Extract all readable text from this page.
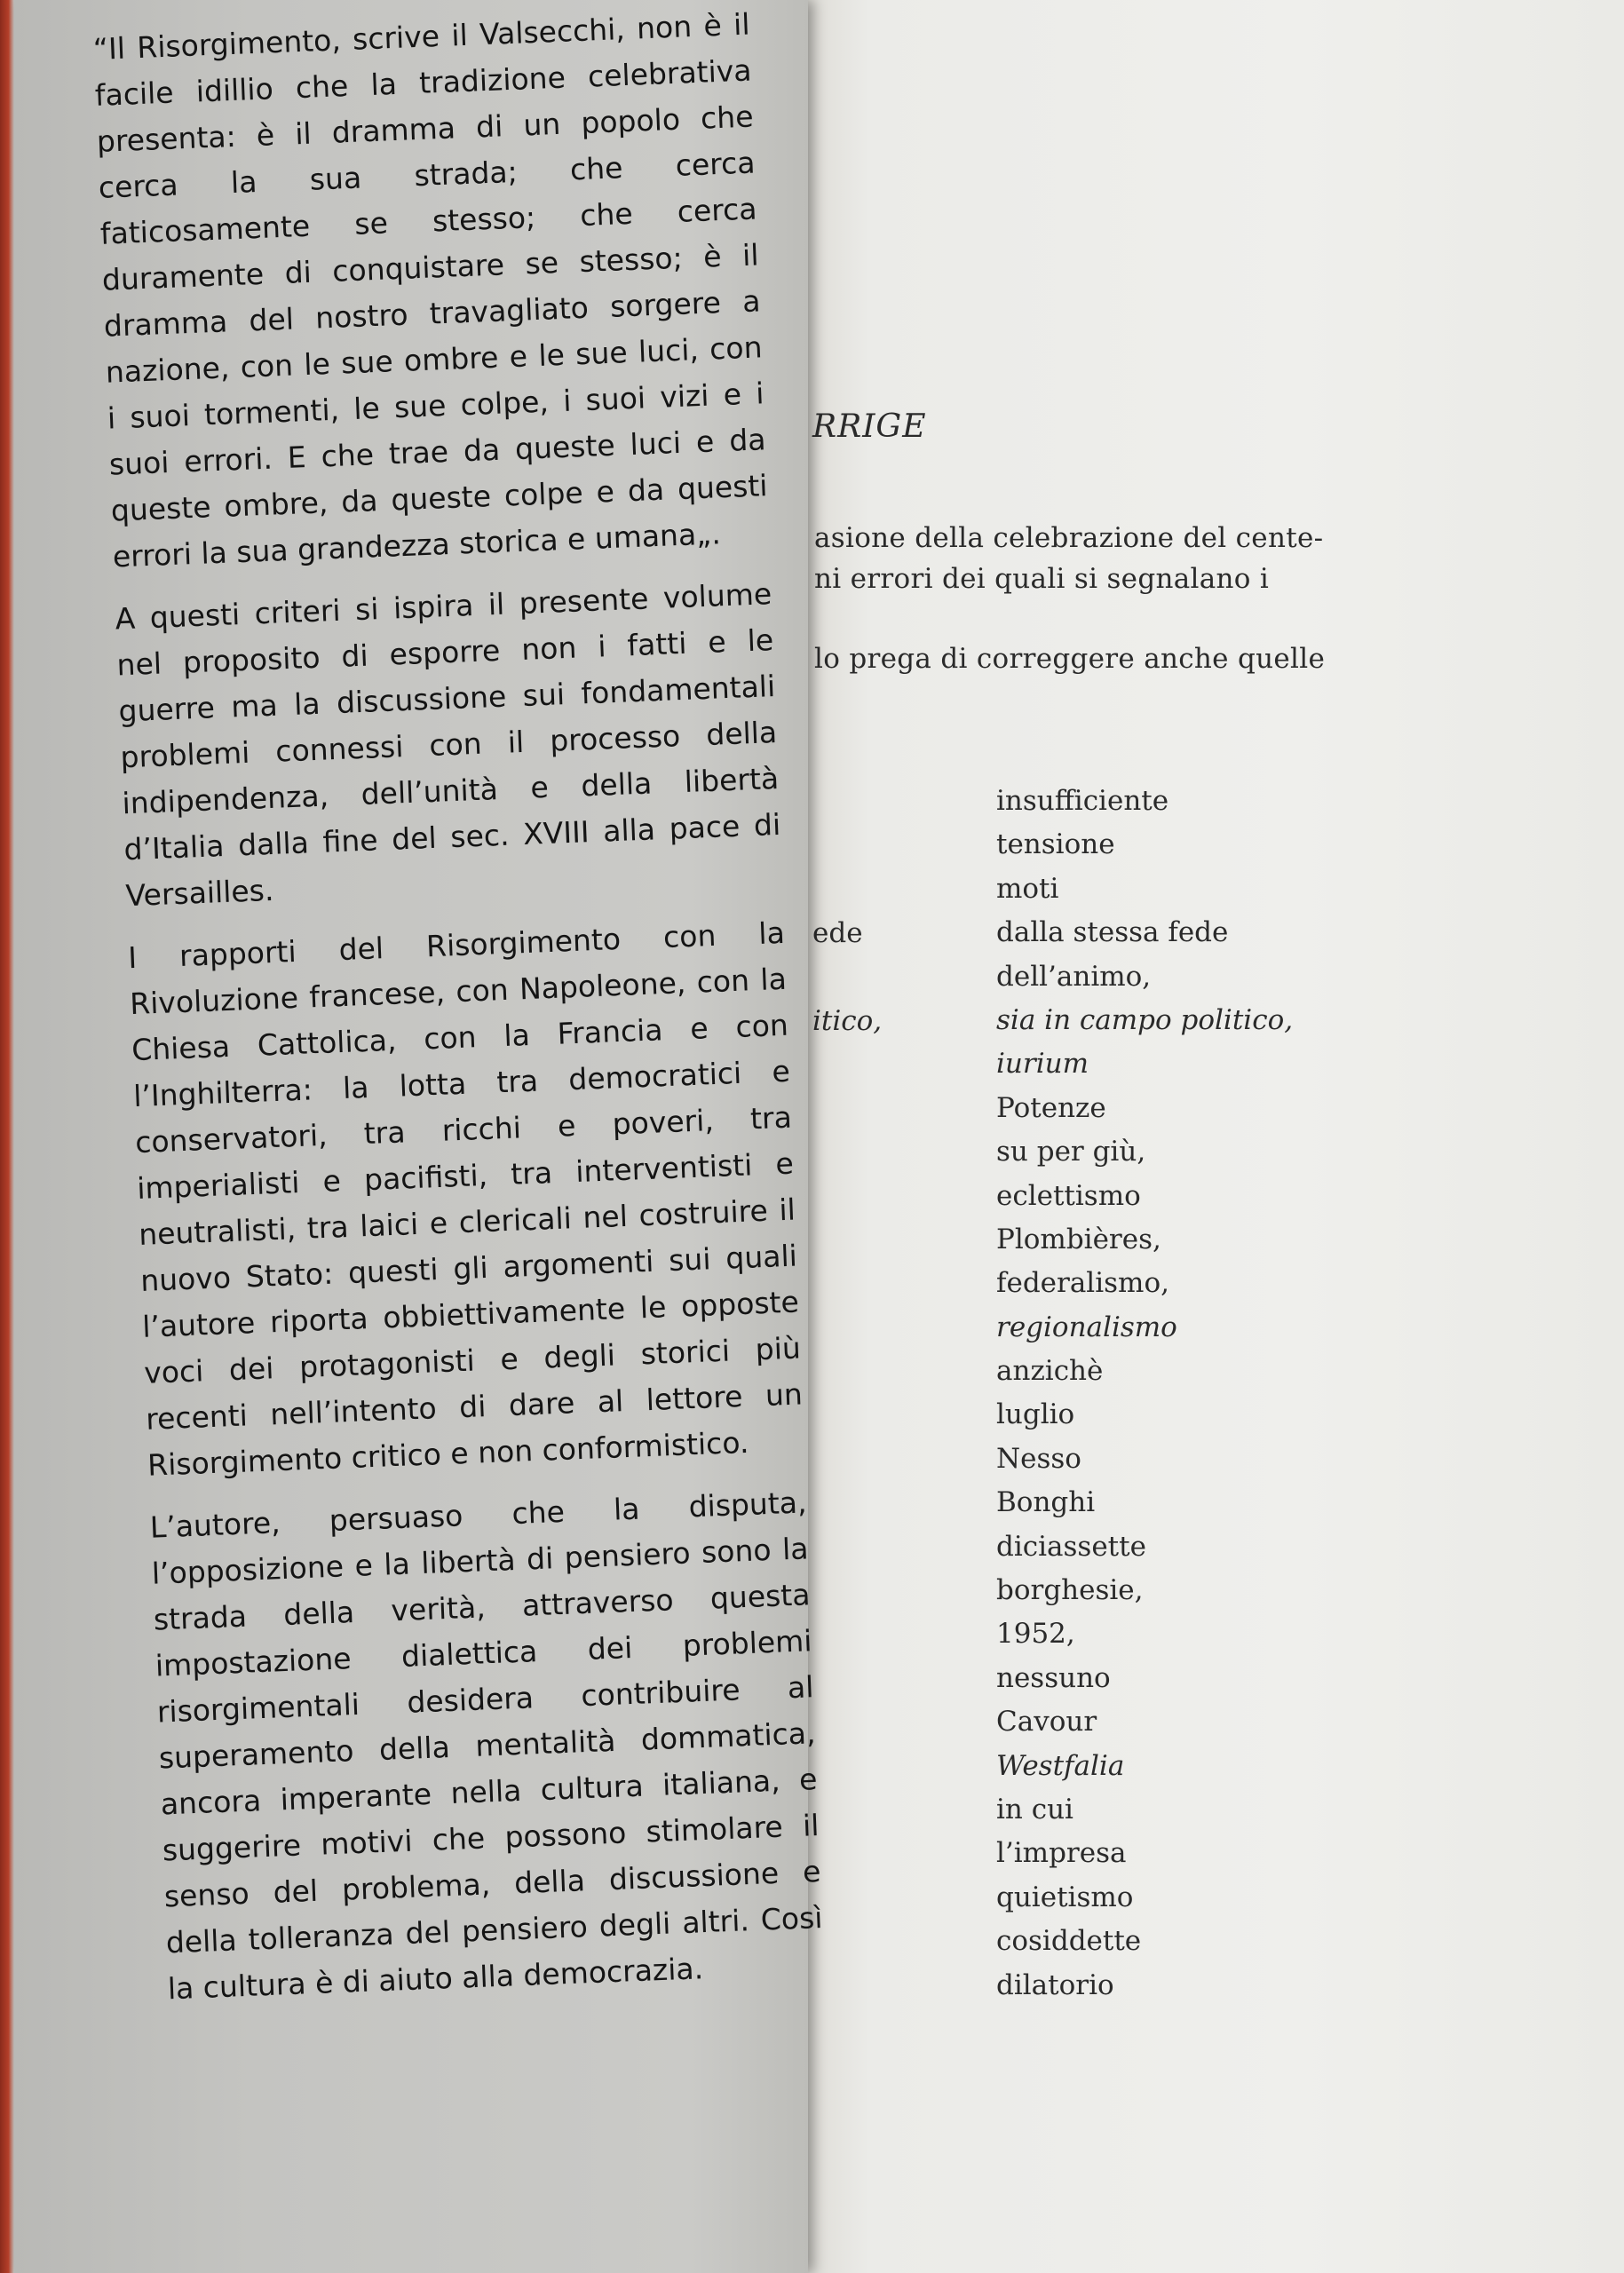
RRIGE
asione della celebrazione del cente-
ni errori dei quali si segnalano i
lo prega di correggere anche quelle
ede
itico,
insufficiente
tensione
moti
dalla stessa fede
dell’animo,
sia in campo politico,
iurium
Potenze
su per giù,
eclettismo
Plombières,
federalismo,
regionalismo
anzichè
luglio
Nesso
Bonghi
diciassette
borghesie,
1952,
nessuno
Cavour
Westfalia
in cui
l’impresa
quietismo
cosiddette
dilatorio

“Il Risorgimento, scrive il Valsecchi, non è il facile idillio che la tradizione celebrativa presenta: è il dramma di un popolo che cerca la sua strada; che cerca faticosamente se stesso; che cerca duramente di conquistare se stesso; è il dramma del nostro travagliato sorgere a nazione, con le sue ombre e le sue luci, con i suoi tormenti, le sue colpe, i suoi vizi e i suoi errori. E che trae da queste luci e da queste ombre, da queste colpe e da questi errori la sua grandezza storica e umana„.

A questi criteri si ispira il presente volume nel proposito di esporre non i fatti e le guerre ma la discussione sui fondamentali problemi connessi con il processo della indipendenza, dell’unità e della libertà d’Italia dalla fine del sec. XVIII alla pace di Versailles.

I rapporti del Risorgimento con la Rivoluzione francese, con Napoleone, con la Chiesa Cattolica, con la Francia e con l’Inghilterra: la lotta tra democratici e conservatori, tra ricchi e poveri, tra imperialisti e pacifisti, tra interventisti e neutralisti, tra laici e clericali nel costruire il nuovo Stato: questi gli argomenti sui quali l’autore riporta obbiettivamente le opposte voci dei protagonisti e degli storici più recenti nell’intento di dare al lettore un Risorgimento critico e non conformistico.

L’autore, persuaso che la disputa, l’opposizione e la libertà di pensiero sono la strada della verità, attraverso questa impostazione dialettica dei problemi risorgimentali desidera contribuire al superamento della mentalità dommatica, ancora imperante nella cultura italiana, e suggerire motivi che possono stimolare il senso del problema, della discussione e della tolleranza del pensiero degli altri. Così la cultura è di aiuto alla democrazia.
